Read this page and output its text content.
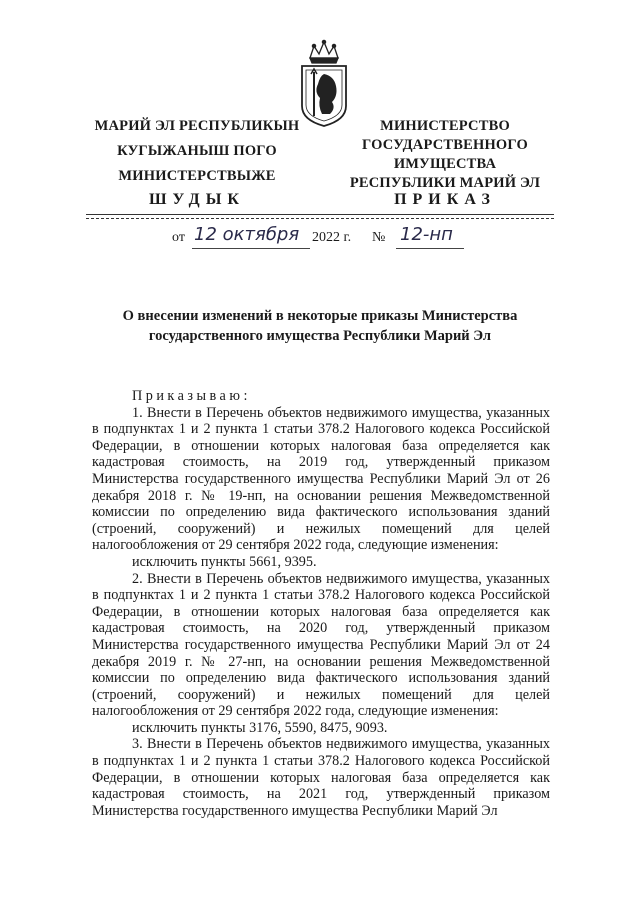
МАРИЙ ЭЛ РЕСПУБЛИКЫН
КУГЫЖАНЫШ ПОГО
МИНИСТЕРСТВЫЖЕ
МИНИСТЕРСТВО
ГОСУДАРСТВЕННОГО
ИМУЩЕСТВА
РЕСПУБЛИКИ МАРИЙ ЭЛ
ШУДЫК	ПРИКАЗ
от 12 октября 2022 г. № 12-нп
О внесении изменений в некоторые приказы Министерства государственного имущества Республики Марий Эл

Приказываю:

1. Внести в Перечень объектов недвижимого имущества, указанных в подпунктах 1 и 2 пункта 1 статьи 378.2 Налогового кодекса Российской Федерации, в отношении которых налоговая база определяется как кадастровая стоимость, на 2019 год, утвержденный приказом Министерства государственного имущества Республики Марий Эл от 26 декабря 2018 г. № 19-нп, на основании решения Межведомственной комиссии по определению вида фактического использования зданий (строений, сооружений) и нежилых помещений для целей налогообложения от 29 сентября 2022 года, следующие изменения:

исключить пункты 5661, 9395.

2. Внести в Перечень объектов недвижимого имущества, указанных в подпунктах 1 и 2 пункта 1 статьи 378.2 Налогового кодекса Российской Федерации, в отношении которых налоговая база определяется как кадастровая стоимость, на 2020 год, утвержденный приказом Министерства государственного имущества Республики Марий Эл от 24 декабря 2019 г. № 27-нп, на основании решения Межведомственной комиссии по определению вида фактического использования зданий (строений, сооружений) и нежилых помещений для целей налогообложения от 29 сентября 2022 года, следующие изменения:

исключить пункты 3176, 5590, 8475, 9093.

3. Внести в Перечень объектов недвижимого имущества, указанных в подпунктах 1 и 2 пункта 1 статьи 378.2 Налогового кодекса Российской Федерации, в отношении которых налоговая база определяется как кадастровая стоимость, на 2021 год, утвержденный приказом Министерства государственного имущества Республики Марий Эл
